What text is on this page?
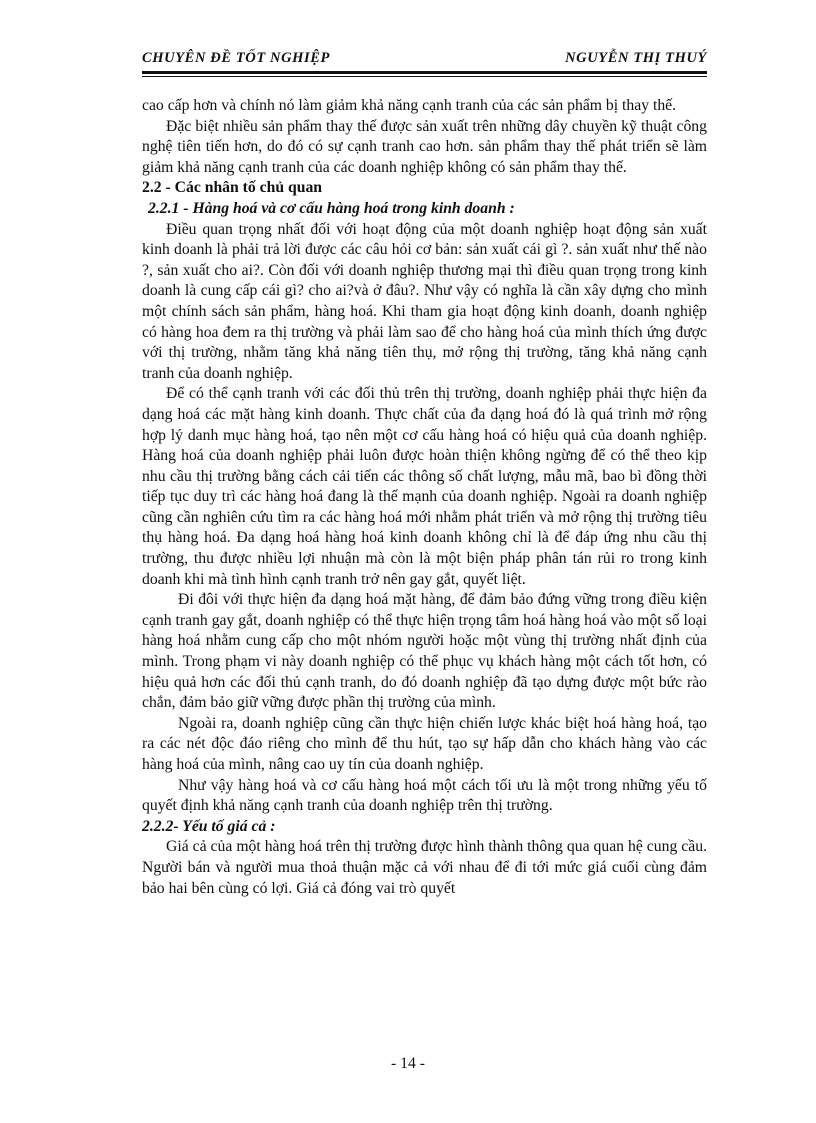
CHUYÊN ĐỀ TỐT NGHIỆP	NGUYỄN THỊ THUÝ

cao cấp hơn và chính nó làm giảm khả năng cạnh tranh của các sản phẩm bị thay thế.

Đặc biệt nhiều sản phẩm thay thế được sản xuất trên những dây chuyền kỹ thuật công nghệ tiên tiến hơn, do đó có sự cạnh tranh cao hơn. sản phẩm thay thế phát triển sẽ làm giảm khả năng cạnh tranh của các doanh nghiệp không có sản phẩm thay thế.

2.2 - Các nhân tố chủ quan

2.2.1 - Hàng hoá và cơ cấu hàng hoá trong kinh doanh :

Điều quan trọng nhất đối với hoạt động của một doanh nghiệp hoạt động sản xuất kinh doanh là phải trả lời được các câu hỏi cơ bản: sản xuất cái gì ?. sản xuất như thế nào ?, sản xuất cho ai?. Còn đối với doanh nghiệp thương mại thì điều quan trọng trong kinh doanh là cung cấp cái gì? cho ai?và ở đâu?. Như vậy có nghĩa là cần xây dựng cho mình một chính sách sản phẩm, hàng hoá. Khi tham gia hoạt động kinh doanh, doanh nghiệp có hàng hoa đem ra thị trường và phải làm sao để cho hàng hoá của mình thích ứng được với thị trường, nhằm tăng khả năng tiên thụ, mở rộng thị trường, tăng khả năng cạnh tranh của doanh nghiệp.

Để có thể cạnh tranh với các đối thủ trên thị trường, doanh nghiệp phải thực hiện đa dạng hoá các mặt hàng kinh doanh. Thực chất của đa dạng hoá đó là quá trình mở rộng hợp lý danh mục hàng hoá, tạo nên một cơ cấu hàng hoá có hiệu quả của doanh nghiệp. Hàng hoá của doanh nghiệp phải luôn được hoàn thiện không ngừng để có thể theo kịp nhu cầu thị trường bằng cách cải tiến các thông số chất lượng, mẫu mã, bao bì đồng thời tiếp tục duy trì các hàng hoá đang là thế mạnh của doanh nghiệp. Ngoài ra doanh nghiệp cũng cần nghiên cứu tìm ra các hàng hoá mới nhằm phát triển và mở rộng thị trường tiêu thụ hàng hoá. Đa dạng hoá hàng hoá kinh doanh không chỉ là để đáp ứng nhu cầu thị trường, thu được nhiều lợi nhuận mà còn là một biện pháp phân tán rủi ro trong kinh doanh khi mà tình hình cạnh tranh trở nên gay gắt, quyết liệt.

Đi đôi với thực hiện đa dạng hoá mặt hàng, để đảm bảo đứng vững trong điều kiện cạnh tranh gay gắt, doanh nghiệp có thể thực hiện trọng tâm hoá hàng hoá vào một số loại hàng hoá nhằm cung cấp cho một nhóm người hoặc một vùng thị trường nhất định của mình. Trong phạm vi này doanh nghiệp có thể phục vụ khách hàng một cách tốt hơn, có hiệu quả hơn các đối thủ cạnh tranh, do đó doanh nghiệp đã tạo dựng được một bức rào chắn, đảm bảo giữ vững được phần thị trường của mình.

Ngoài ra, doanh nghiệp cũng cần thực hiện chiến lược khác biệt hoá hàng hoá, tạo ra các nét độc đáo riêng cho mình để thu hút, tạo sự hấp dẫn cho khách hàng vào các hàng hoá của mình, nâng cao uy tín của doanh nghiệp.

Như vậy hàng hoá và cơ cấu hàng hoá một cách tối ưu là một trong những yếu tố quyết định khả năng cạnh tranh của doanh nghiệp trên thị trường.

2.2.2- Yếu tố giá cả :

Giá cả của một hàng hoá trên thị trường được hình thành thông qua quan hệ cung cầu. Người bán và người mua thoả thuận mặc cả với nhau để đi tới mức giá cuối cùng đảm bảo hai bên cùng có lợi. Giá cả đóng vai trò quyết

- 14 -
